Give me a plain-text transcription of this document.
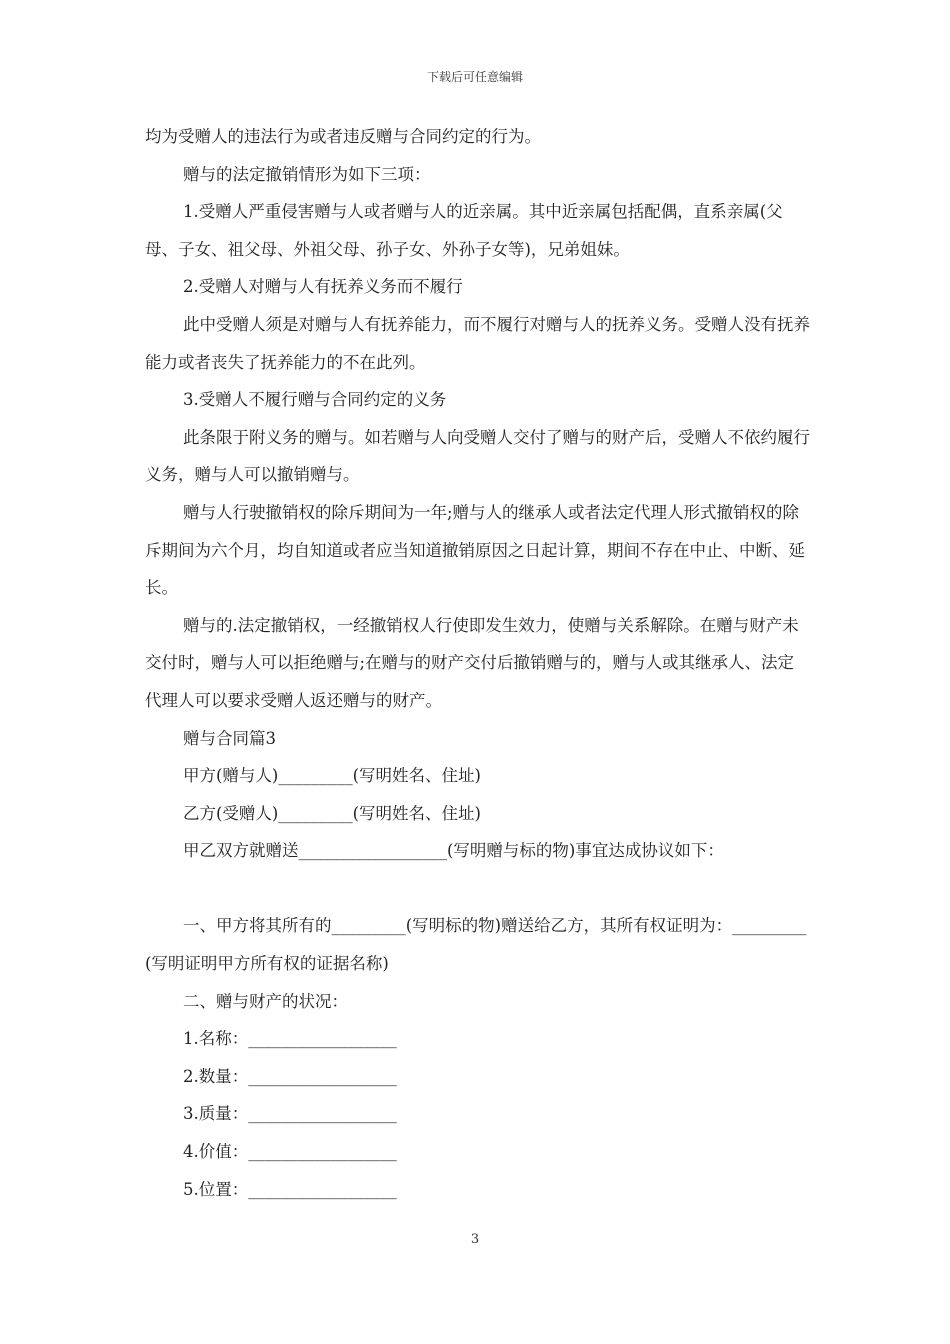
下载后可任意编辑

均为受赠人的违法行为或者违反赠与合同约定的行为。

赠与的法定撤销情形为如下三项：

1.受赠人严重侵害赠与人或者赠与人的近亲属。其中近亲属包括配偶，直系亲属(父母、子女、祖父母、外祖父母、孙子女、外孙子女等)，兄弟姐妹。

2.受赠人对赠与人有抚养义务而不履行

此中受赠人须是对赠与人有抚养能力，而不履行对赠与人的抚养义务。受赠人没有抚养能力或者丧失了抚养能力的不在此列。

3.受赠人不履行赠与合同约定的义务

此条限于附义务的赠与。如若赠与人向受赠人交付了赠与的财产后，受赠人不依约履行义务，赠与人可以撤销赠与。

赠与人行驶撤销权的除斥期间为一年;赠与人的继承人或者法定代理人形式撤销权的除斥期间为六个月，均自知道或者应当知道撤销原因之日起计算，期间不存在中止、中断、延长。

赠与的.法定撤销权，一经撤销权人行使即发生效力，使赠与关系解除。在赠与财产未交付时，赠与人可以拒绝赠与;在赠与的财产交付后撤销赠与的，赠与人或其继承人、法定代理人可以要求受赠人返还赠与的财产。

赠与合同篇3

甲方(赠与人)_________(写明姓名、住址)

乙方(受赠人)_________(写明姓名、住址)

甲乙双方就赠送__________________(写明赠与标的物)事宜达成协议如下：

一、甲方将其所有的_________(写明标的物)赠送给乙方，其所有权证明为：_________(写明证明甲方所有权的证据名称)

二、赠与财产的状况：

1.名称：__________________

2.数量：__________________

3.质量：__________________

4.价值：__________________

5.位置：__________________

3
